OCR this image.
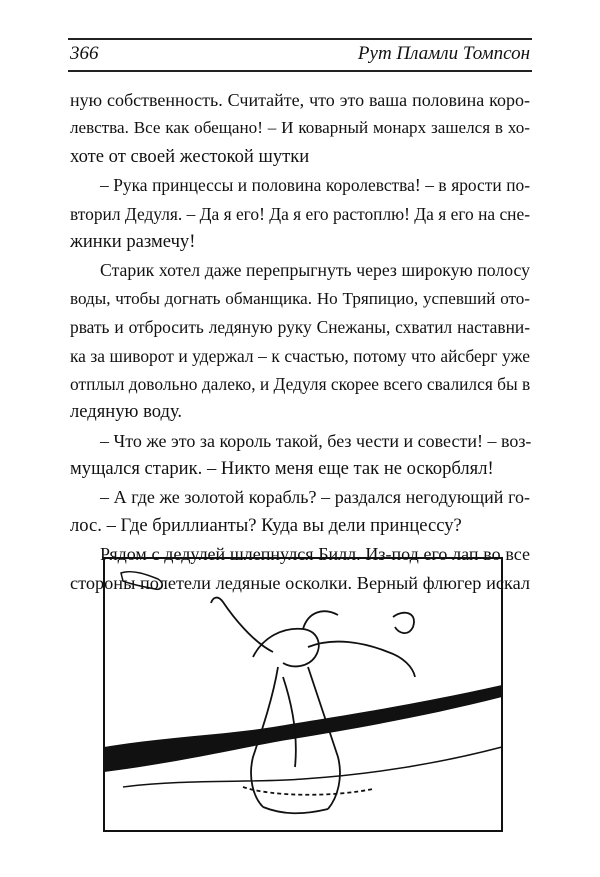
366	Рут Пламли Томпсон
ную собственность. Считайте, что это ваша половина коро-
левства. Все как обещано! – И коварный монарх зашелся в хо-
хоте от своей жестокой шутки
– Рука принцессы и половина королевства! – в ярости по-
вторил Дедуля. – Да я его! Да я его растоплю! Да я его на сне-
жинки размечу!
Старик хотел даже перепрыгнуть через широкую полосу
воды, чтобы догнать обманщика. Но Тряпицио, успевший ото-
рвать и отбросить ледяную руку Снежаны, схватил наставни-
ка за шиворот и удержал – к счастью, потому что айсберг уже
отплыл довольно далеко, и Дедуля скорее всего свалился бы в
ледяную воду.
– Что же это за король такой, без чести и совести! – воз-
мущался старик. – Никто меня еще так не оскорблял!
– А где же золотой корабль? – раздался негодующий го-
лос. – Где бриллианты? Куда вы дели принцессу?
Рядом с дедулей шлепнулся Билл. Из-под его лап во все
стороны полетели ледяные осколки. Верный флюгер искал
